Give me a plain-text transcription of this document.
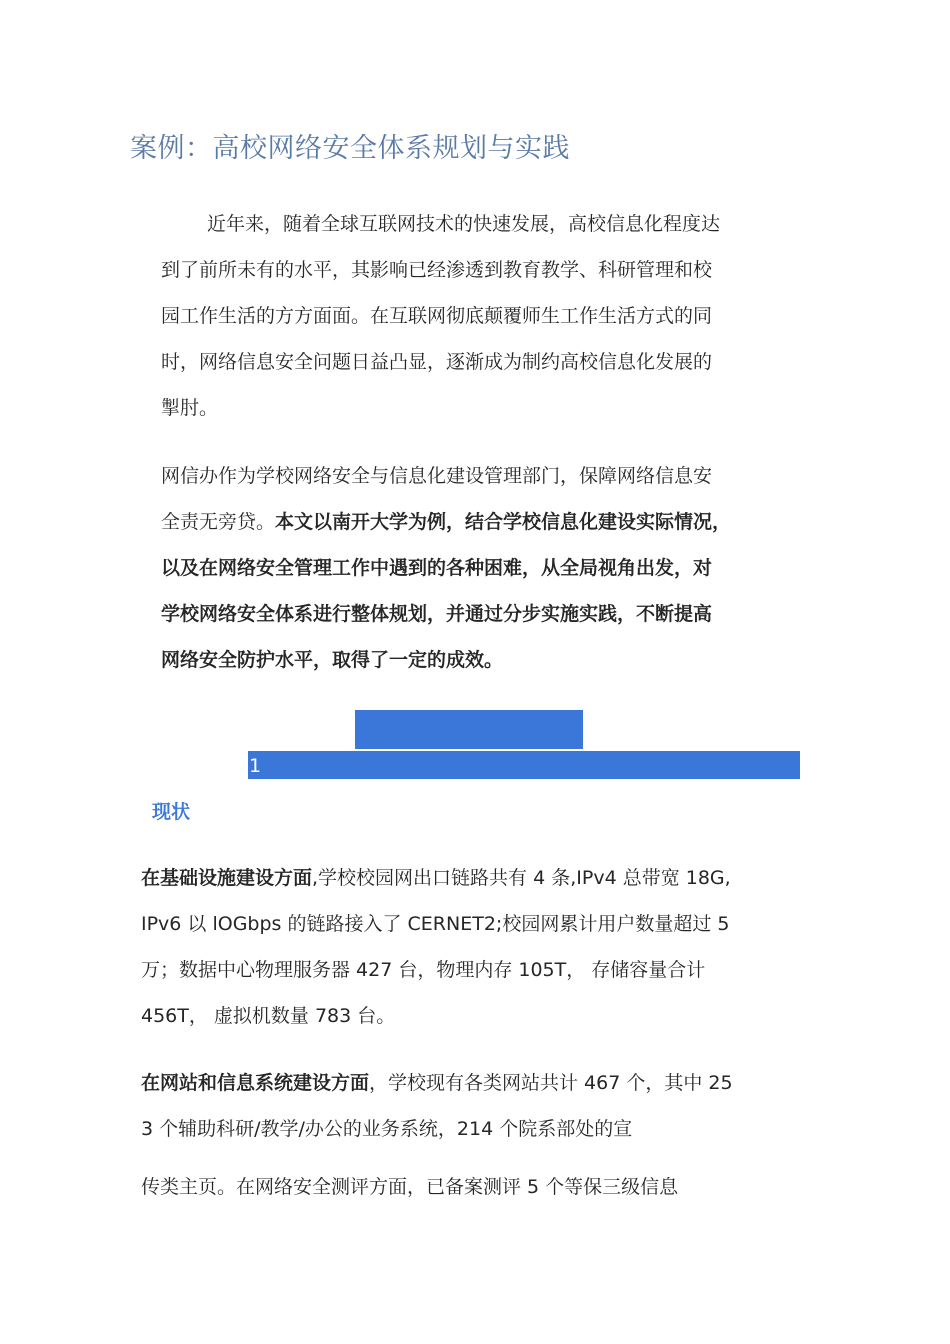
案例：高校网络安全体系规划与实践
近年来，随着全球互联网技术的快速发展，高校信息化程度达
到了前所未有的水平，其影响已经渗透到教育教学、科研管理和校
园工作生活的方方面面。在互联网彻底颠覆师生工作生活方式的同
时，网络信息安全问题日益凸显，逐渐成为制约高校信息化发展的
掣肘。
网信办作为学校网络安全与信息化建设管理部门，保障网络信息安
全责无旁贷。本文以南开大学为例，结合学校信息化建设实际情况，
以及在网络安全管理工作中遇到的各种困难，从全局视角出发，对
学校网络安全体系进行整体规划，并通过分步实施实践，不断提高
网络安全防护水平，取得了一定的成效。
1
现状
在基础设施建设方面,学校校园网出口链路共有 4 条,IPv4 总带宽 18G,
IPv6 以 lOGbps 的链路接入了 CERNET2;校园网累计用户数量超过 5
万；数据中心物理服务器 427 台，物理内存 105T， 存储容量合计
456T， 虚拟机数量 783 台。
在网站和信息系统建设方面，学校现有各类网站共计 467 个，其中 25
3 个辅助科研/教学/办公的业务系统，214 个院系部处的宣
传类主页。在网络安全测评方面，已备案测评 5 个等保三级信息
